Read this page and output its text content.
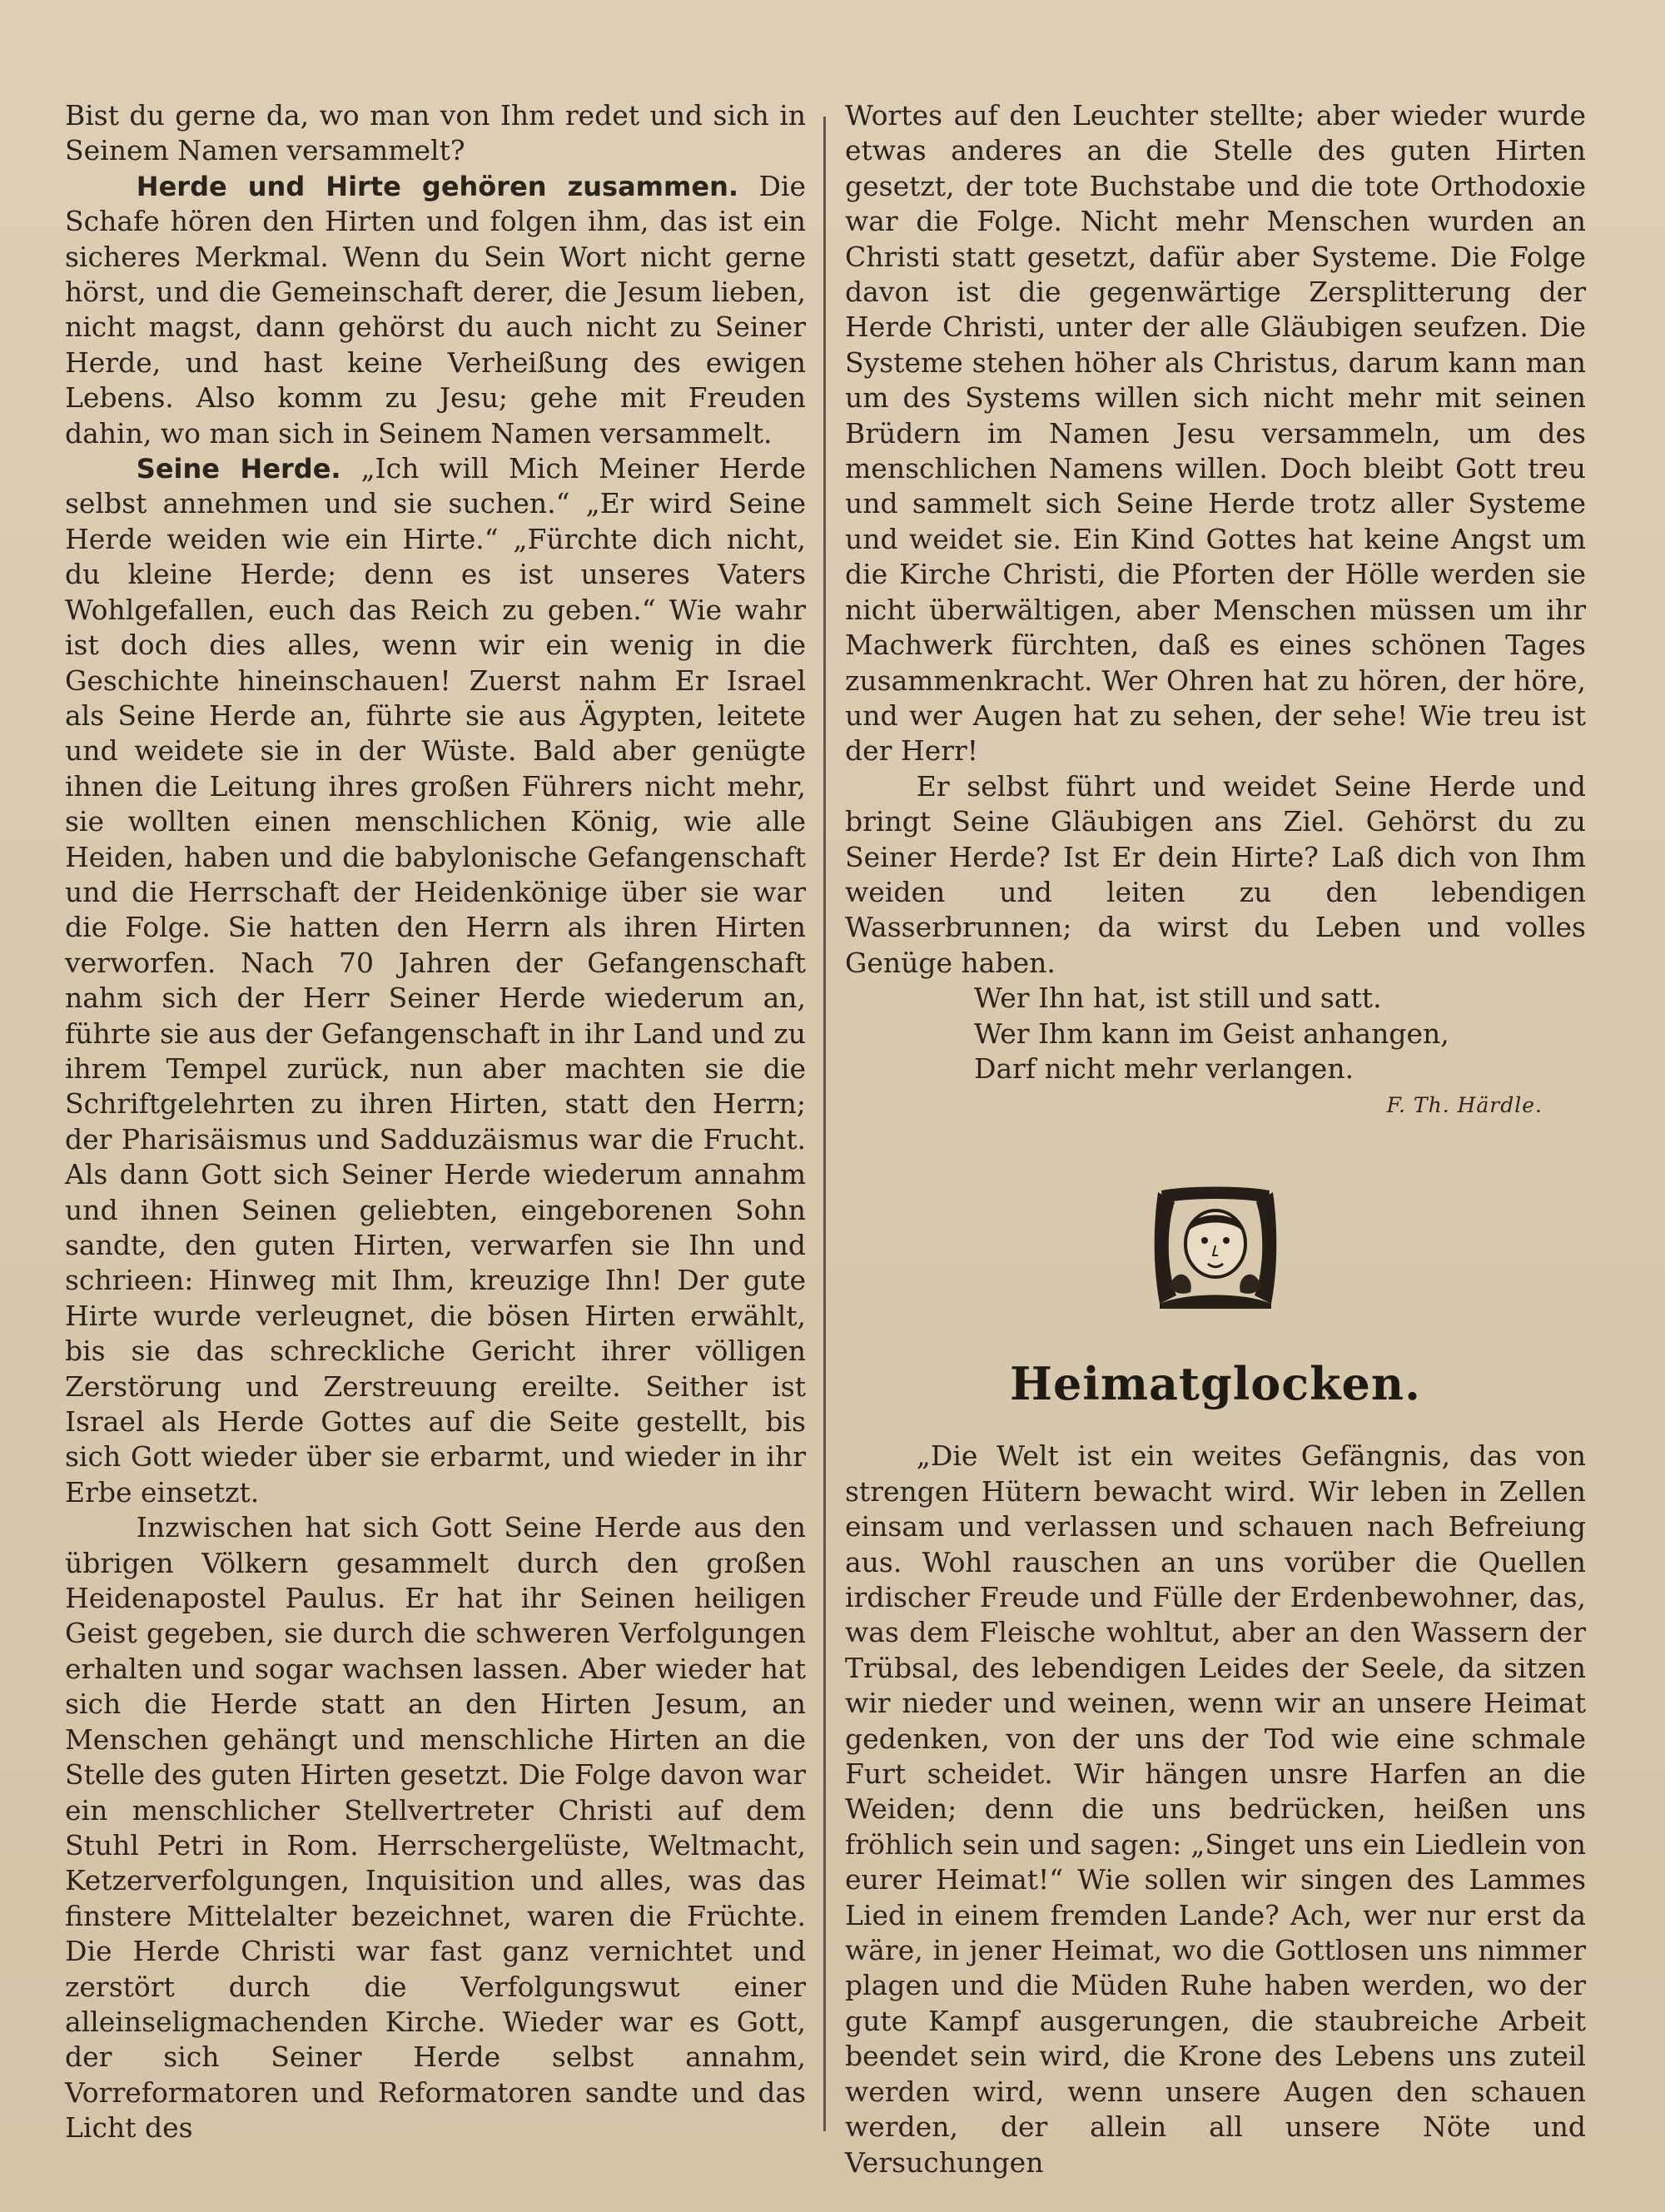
Bist du gerne da, wo man von Ihm redet und sich in Seinem Namen versammelt?

Herde und Hirte gehören zusammen. Die Schafe hören den Hirten und folgen ihm, das ist ein sicheres Merkmal. Wenn du Sein Wort nicht gerne hörst, und die Gemeinschaft derer, die Jesum lieben, nicht magst, dann gehörst du auch nicht zu Seiner Herde, und hast keine Verheißung des ewigen Lebens. Also komm zu Jesu; gehe mit Freuden dahin, wo man sich in Seinem Namen versammelt.

Seine Herde. „Ich will Mich Meiner Herde selbst annehmen und sie suchen.“ „Er wird Seine Herde weiden wie ein Hirte.“ „Fürchte dich nicht, du kleine Herde; denn es ist unseres Vaters Wohlgefallen, euch das Reich zu geben.“ Wie wahr ist doch dies alles, wenn wir ein wenig in die Geschichte hineinschauen! Zuerst nahm Er Israel als Seine Herde an, führte sie aus Ägypten, leitete und weidete sie in der Wüste. Bald aber genügte ihnen die Leitung ihres großen Führers nicht mehr, sie wollten einen menschlichen König, wie alle Heiden, haben und die babylonische Gefangenschaft und die Herrschaft der Heidenkönige über sie war die Folge. Sie hatten den Herrn als ihren Hirten verworfen. Nach 70 Jahren der Gefangenschaft nahm sich der Herr Seiner Herde wiederum an, führte sie aus der Gefangenschaft in ihr Land und zu ihrem Tempel zurück, nun aber machten sie die Schriftgelehrten zu ihren Hirten, statt den Herrn; der Pharisäismus und Sadduzäismus war die Frucht. Als dann Gott sich Seiner Herde wiederum annahm und ihnen Seinen geliebten, eingeborenen Sohn sandte, den guten Hirten, verwarfen sie Ihn und schrieen: Hinweg mit Ihm, kreuzige Ihn! Der gute Hirte wurde verleugnet, die bösen Hirten erwählt, bis sie das schreckliche Gericht ihrer völligen Zerstörung und Zerstreuung ereilte. Seither ist Israel als Herde Gottes auf die Seite gestellt, bis sich Gott wieder über sie erbarmt, und wieder in ihr Erbe einsetzt.

Inzwischen hat sich Gott Seine Herde aus den übrigen Völkern gesammelt durch den großen Heidenapostel Paulus. Er hat ihr Seinen heiligen Geist gegeben, sie durch die schweren Verfolgungen erhalten und sogar wachsen lassen. Aber wieder hat sich die Herde statt an den Hirten Jesum, an Menschen gehängt und menschliche Hirten an die Stelle des guten Hirten gesetzt. Die Folge davon war ein menschlicher Stellvertreter Christi auf dem Stuhl Petri in Rom. Herrschergelüste, Weltmacht, Ketzerverfolgungen, Inquisition und alles, was das finstere Mittelalter bezeichnet, waren die Früchte. Die Herde Christi war fast ganz vernichtet und zerstört durch die Verfolgungswut einer alleinseligmachenden Kirche. Wieder war es Gott, der sich Seiner Herde selbst annahm, Vorreformatoren und Reformatoren sandte und das Licht des

Wortes auf den Leuchter stellte; aber wieder wurde etwas anderes an die Stelle des guten Hirten gesetzt, der tote Buchstabe und die tote Orthodoxie war die Folge. Nicht mehr Menschen wurden an Christi statt gesetzt, dafür aber Systeme. Die Folge davon ist die gegenwärtige Zersplitterung der Herde Christi, unter der alle Gläubigen seufzen. Die Systeme stehen höher als Christus, darum kann man um des Systems willen sich nicht mehr mit seinen Brüdern im Namen Jesu versammeln, um des menschlichen Namens willen. Doch bleibt Gott treu und sammelt sich Seine Herde trotz aller Systeme und weidet sie. Ein Kind Gottes hat keine Angst um die Kirche Christi, die Pforten der Hölle werden sie nicht überwältigen, aber Menschen müssen um ihr Machwerk fürchten, daß es eines schönen Tages zusammenkracht. Wer Ohren hat zu hören, der höre, und wer Augen hat zu sehen, der sehe! Wie treu ist der Herr!

Er selbst führt und weidet Seine Herde und bringt Seine Gläubigen ans Ziel. Gehörst du zu Seiner Herde? Ist Er dein Hirte? Laß dich von Ihm weiden und leiten zu den lebendigen Wasserbrunnen; da wirst du Leben und volles Genüge haben.

Wer Ihn hat, ist still und satt.
Wer Ihm kann im Geist anhangen,
Darf nicht mehr verlangen.
F. Th. Härdle.
Heimatglocken.

„Die Welt ist ein weites Gefängnis, das von strengen Hütern bewacht wird. Wir leben in Zellen einsam und verlassen und schauen nach Befreiung aus. Wohl rauschen an uns vorüber die Quellen irdischer Freude und Fülle der Erdenbewohner, das, was dem Fleische wohltut, aber an den Wassern der Trübsal, des lebendigen Leides der Seele, da sitzen wir nieder und weinen, wenn wir an unsere Heimat gedenken, von der uns der Tod wie eine schmale Furt scheidet. Wir hängen unsre Harfen an die Weiden; denn die uns bedrücken, heißen uns fröhlich sein und sagen: „Singet uns ein Liedlein von eurer Heimat!“ Wie sollen wir singen des Lammes Lied in einem fremden Lande? Ach, wer nur erst da wäre, in jener Heimat, wo die Gottlosen uns nimmer plagen und die Müden Ruhe haben werden, wo der gute Kampf ausgerungen, die staubreiche Arbeit beendet sein wird, die Krone des Lebens uns zuteil werden wird, wenn unsere Augen den schauen werden, der allein all unsere Nöte und Versuchungen
